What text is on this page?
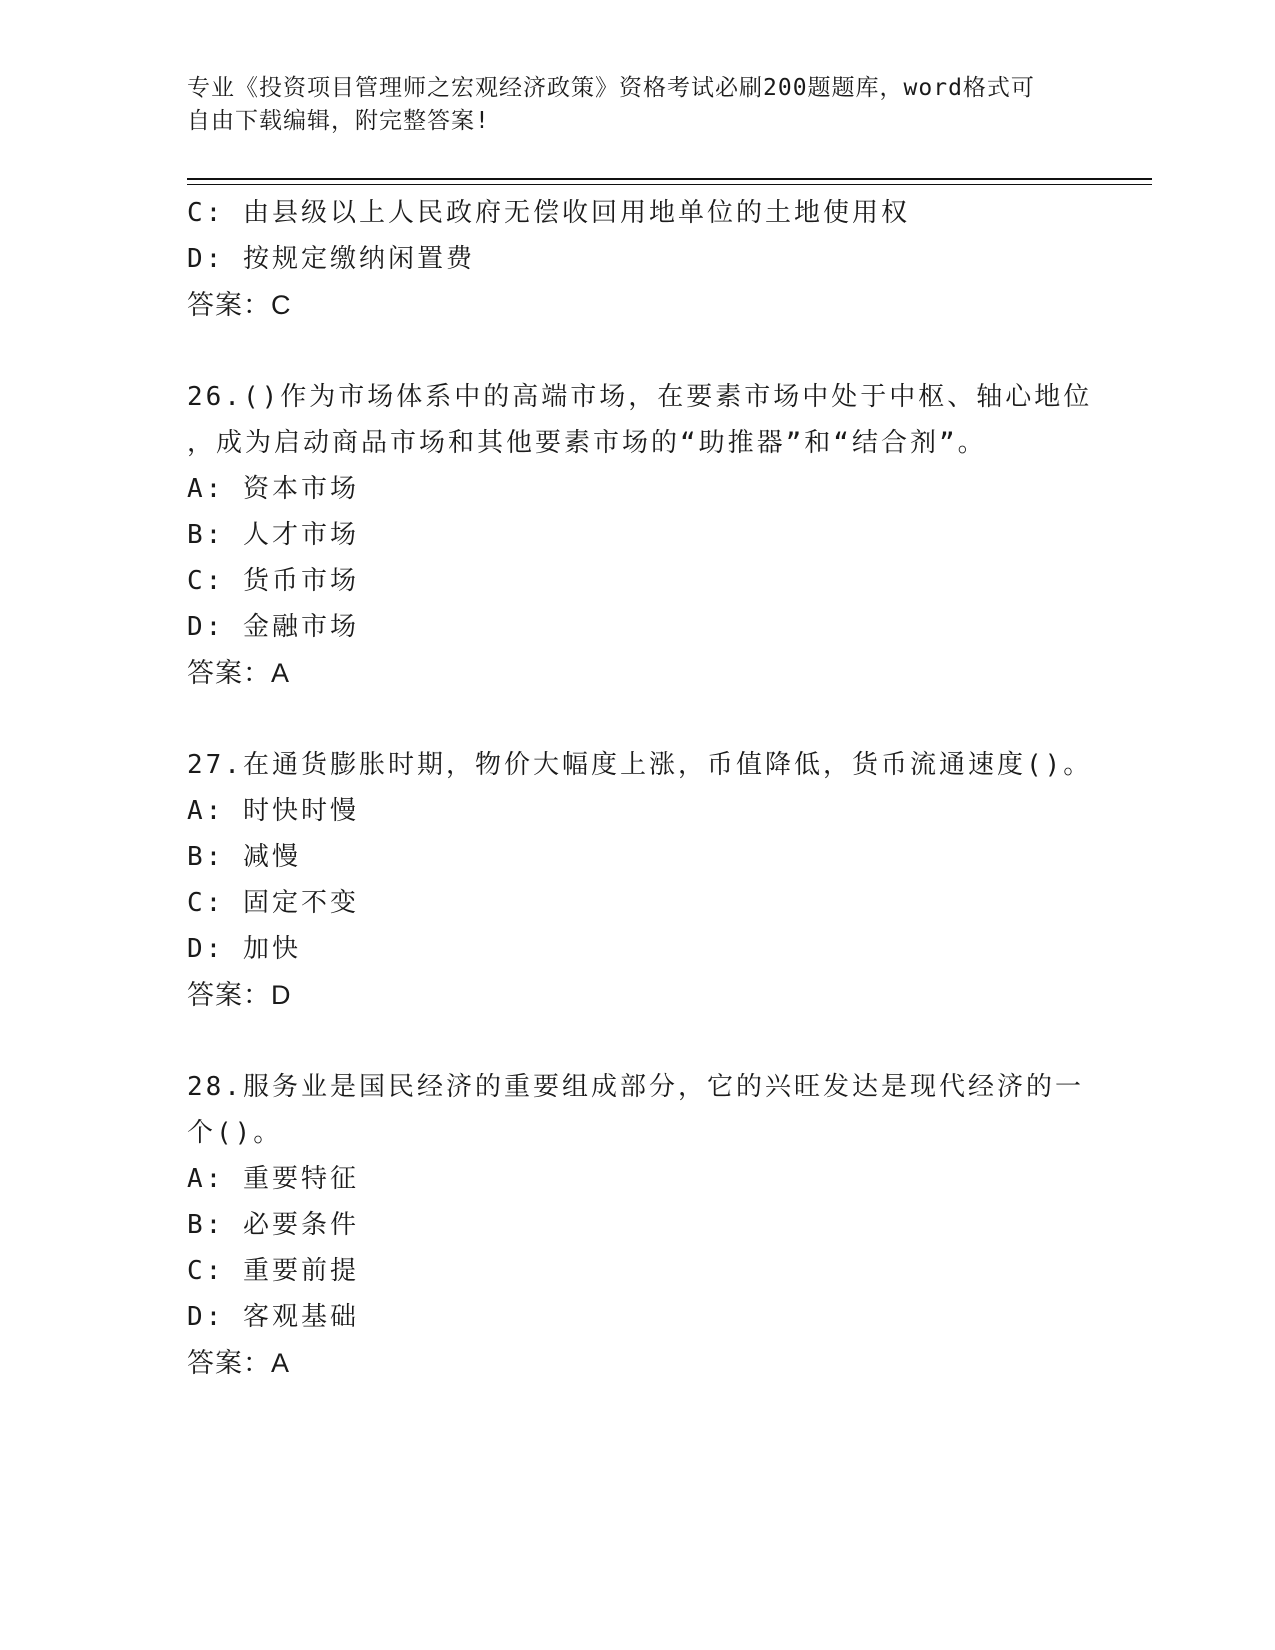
专业《投资项目管理师之宏观经济政策》资格考试必刷200题题库，word格式可
自由下载编辑，附完整答案!
C: 由县级以上人民政府无偿收回用地单位的土地使用权
D: 按规定缴纳闲置费
答案：C
26.()作为市场体系中的高端市场，在要素市场中处于中枢、轴心地位
，成为启动商品市场和其他要素市场的“助推器”和“结合剂”。
A: 资本市场
B: 人才市场
C: 货币市场
D: 金融市场
答案：A
27.在通货膨胀时期，物价大幅度上涨，币值降低，货币流通速度()。
A: 时快时慢
B: 减慢
C: 固定不变
D: 加快
答案：D
28.服务业是国民经济的重要组成部分，它的兴旺发达是现代经济的一
个()。
A: 重要特征
B: 必要条件
C: 重要前提
D: 客观基础
答案：A
